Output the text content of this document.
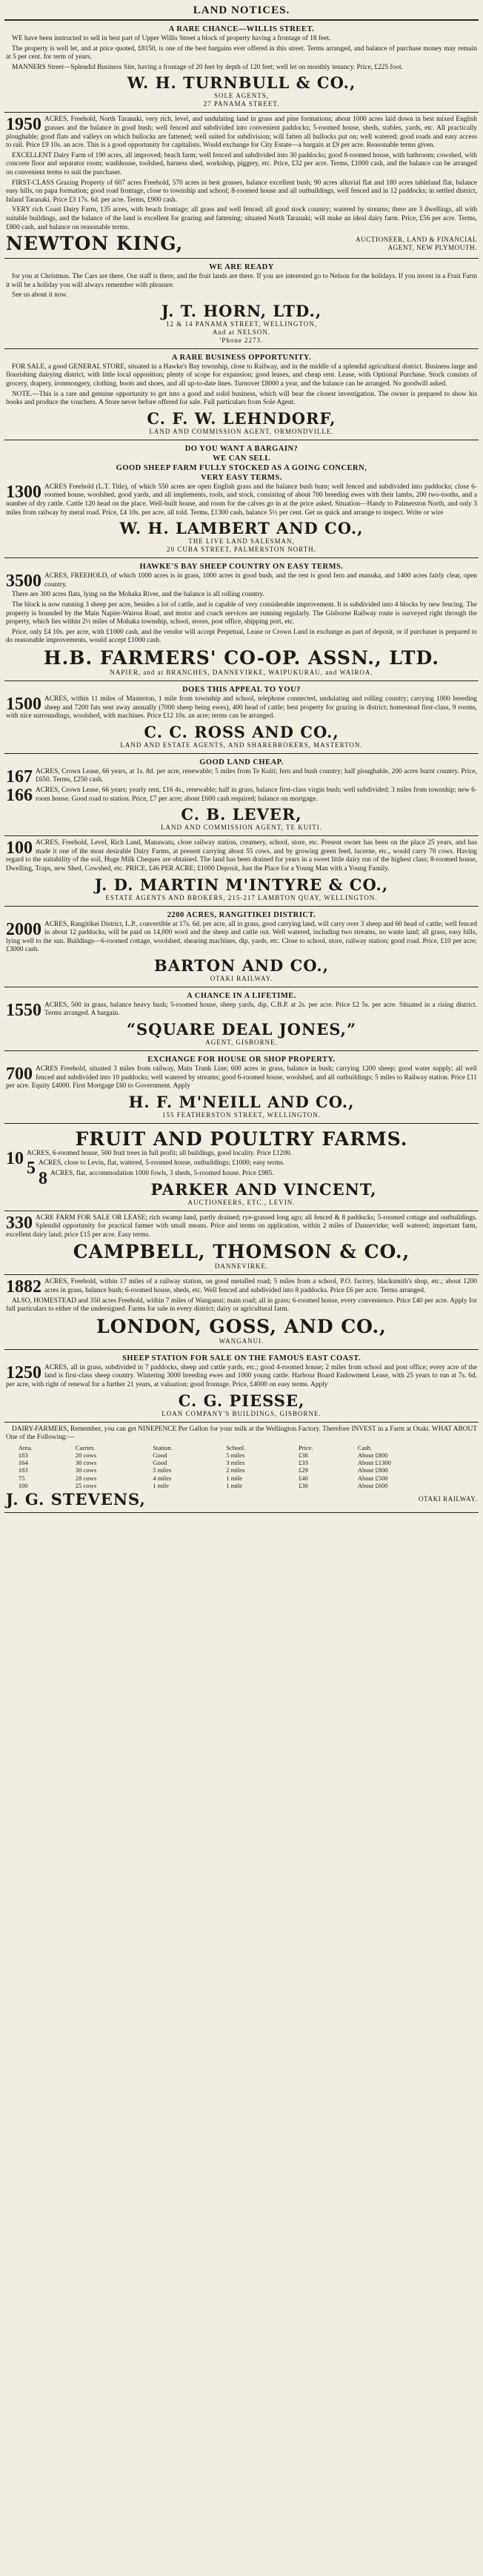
LAND NOTICES.
A RARE CHANCE—WILLIS STREET.
WE have been instructed to sell in best part of Upper Willis Street a block of property having a frontage of 18 feet.
The property is well let, and at price quoted, £8150, is one of the best bargains ever offered in this street. Terms arranged, and balance of purchase money may remain at 5 per cent. for term of years.
MANNERS Street—Splendid Business Site, having a frontage of 20 feet by depth of 120 feet; well let on monthly tenancy. Price, £225 foot.
W. H. TURNBULL & CO.,
SOLE AGENTS,
27 PANAMA STREET.
1950 ACRES, Freehold, North Taranaki, very rich, level, and undulating land in grass and pine formations; about 1000 acres laid down in best mixed English grasses and the balance in good bush; well fenced and subdivided into convenient paddocks; 5-roomed house, sheds, stables, yards, etc. All practically ploughable; good flats and valleys on which bullocks are fattened; well suited for subdivision; will fatten all bullocks put on; well watered; good roads and easy access to rail. Price £9 10s. an acre. This is a good opportunity for capitalists. Would exchange for City Estate—a bargain at £9 per acre. Reasonable terms given.
EXCELLENT Dairy Farm of 190 acres, all improved; beach farm; well fenced and subdivided into 30 paddocks; good 8-roomed house, with bathroom; cowshed, with concrete floor and separator room; washhouse, toolshed, harness shed, workshop, piggery, etc. Price, £32 per acre. Terms, £1000 cash, and the balance can be arranged on convenient terms to suit the purchaser.
FIRST-CLASS Grazing Property of 607 acres Freehold, 570 acres in best grasses, balance excellent bush; 90 acres alluvial flat and 180 acres tableland flat, balance easy hills, on papa formation; good road frontage, close to township and school; 8-roomed house and all outbuildings, well fenced and in 12 paddocks; in settled district, Inland Taranaki. Price £3 17s. 6d. per acre. Terms, £900 cash.
VERY rich Coast Dairy Farm, 135 acres, with beach frontage; all grass and well fenced; all good stock country; watered by streams; there are 3 dwellings, all with suitable buildings, and the balance of the land is excellent for grazing and fattening; situated North Taranaki; will make an ideal dairy farm. Price, £56 per acre. Terms, £800 cash, and balance on reasonable terms.
NEWTON KING,	AUCTIONEER, LAND & FINANCIAL
AGENT, NEW PLYMOUTH.
WE ARE READY
for you at Christmas. The Cars are there. Our staff is there, and the fruit lands are there. If you are interested go to Nelson for the holidays. If you invest in a Fruit Farm it will be a holiday you will always remember with pleasure.
See us about it now.
J. T. HORN, LTD.,
12 & 14 PANAMA STREET, WELLINGTON,
And at NELSON.
'Phone 2273.
A RARE BUSINESS OPPORTUNITY.
FOR SALE, a good GENERAL STORE, situated in a Hawke's Bay township, close to Railway, and in the middle of a splendid agricultural district. Business large and flourishing dairying district, with little local opposition; plenty of scope for expansion; good leases, and cheap rent. Lease, with Optional Purchase. Stock consists of grocery, drapery, ironmongery, clothing, boots and shoes, and all up-to-date lines. Turnover £8000 a year, and the balance can be arranged. No goodwill asked.
NOTE.—This is a rare and genuine opportunity to get into a good and solid business, which will bear the closest investigation. The owner is prepared to show his books and produce the vouchers. A Store never before offered for sale. Full particulars from Sole Agent.
C. F. W. LEHNDORF,
LAND AND COMMISSION AGENT, ORMONDVILLE.
DO YOU WANT A BARGAIN?
WE CAN SELL
GOOD SHEEP FARM FULLY STOCKED AS A GOING CONCERN,
VERY EASY TERMS.
1300 ACRES Freehold (L.T. Title), of which 550 acres are open English grass and the balance bush burn; well fenced and subdivided into paddocks; close 6-roomed house, woolshed, good yards, and all implements, tools, and stock, consisting of about 700 breeding ewes with their lambs, 200 two-tooths, and a number of dry cattle. Cattle 120 head on the place. Well-built house, and room for the calves go in at the price asked. Situation—Handy to Palmerston North, and only 3 miles from railway by metal road. Price, £4 10s. per acre, all told. Terms, £1300 cash, balance 5½ per cent. Get us quick and arrange to inspect. Write or wire
W. H. LAMBERT AND CO.,
THE LIVE LAND SALESMAN,
20 CUBA STREET, PALMERSTON NORTH.
HAWKE'S BAY SHEEP COUNTRY ON EASY TERMS.
3500 ACRES, FREEHOLD, of which 1000 acres is in grass, 1000 acres in good bush, and the rest is good fern and manuka, and 1400 acres fairly clear, open country.
There are 300 acres flats, lying on the Mohaka River, and the balance is all rolling country.
The block is now running 3 sheep per acre, besides a lot of cattle, and is capable of very considerable improvement. It is subdivided into 4 blocks by new fencing. The property is bounded by the Main Napier-Wairoa Road, and motor and coach services are running regularly. The Gisborne Railway route is surveyed right through the property, which lies within 2½ miles of Mohaka township, school, stores, post office, shipping port, etc.
Price, only £4 10s. per acre, with £1000 cash, and the vendor will accept Perpetual, Lease or Crown Land in exchange as part of deposit, or if purchaser is prepared to do reasonable improvements, would accept £1000 cash.
H.B. FARMERS' CO-OP. ASSN., LTD.
NAPIER, and at BRANCHES, DANNEVIRKE, WAIPUKURAU, and WAIROA.
DOES THIS APPEAL TO YOU?
1500 ACRES, within 11 miles of Masterton, 1 mile from township and school, telephone connected, undulating and rolling country; carrying 1000 breeding sheep and 7200 fats sent away annually (7000 sheep being ewes), 400 head of cattle; best property for grazing in district; homestead first-class, 9 rooms, with nice surroundings, woolshed, with machines. Price £12 10s. an acre; terms can be arranged.
C. C. ROSS AND CO.,
LAND AND ESTATE AGENTS, AND SHAREBROKERS, MASTERTON.
GOOD LAND CHEAP.
167 ACRES, Crown Lease, 66 years, at 1s. 8d. per acre, renewable; 5 miles from Te Kuiti; fern and bush country; half ploughable, 200 acres burnt country. Price, £650. Terms, £250 cash.
166 ACRES, Crown Lease, 66 years; yearly rent, £16 4s., renewable; half in grass, balance first-class virgin bush; well subdivided; 3 miles from township; new 6-room house. Good road to station. Price, £7 per acre; about £600 cash required; balance on mortgage.
C. B. LEVER,
LAND AND COMMISSION AGENT, TE KUITI.
100 ACRES, Freehold, Level, Rich Land, Manawatu, close railway station, creamery, school, store, etc. Present owner has been on the place 25 years, and has made it one of the most desirable Dairy Farms, at present carrying about 55 cows, and by growing green feed, lucerne, etc., would carry 70 cows. Having regard to the suitability of the soil, Huge Milk Cheques are obtained. The land has been drained for years in a sweet little dairy run of the highest class; 8-roomed house, Dwelling, Traps, new Shed, Cowshed, etc. PRICE, £46 PER ACRE; £1000 Deposit, Just the Place for a Young Man with a Young Family.
J. D. MARTIN M'INTYRE & CO.,
ESTATE AGENTS AND BROKERS, 215-217 LAMBTON QUAY, WELLINGTON.
2200 ACRES, RANGITIKEI DISTRICT.
2000 ACRES, Rangitikei District, L.P., convertible at 17s. 6d. per acre, all in grass, good carrying land, will carry over 3 sheep and 60 head of cattle; well fenced in about 12 paddocks, will be paid on 14,000 wool and the sheep and cattle out. Well watered, including two streams, no waste land; all grass, easy hills, lying well to the sun. Buildings—6-roomed cottage, woolshed, shearing machines, dip, yards, etc. Close to school, store, railway station; good road. Price, £10 per acre; £3000 cash.
BARTON AND CO.,
OTAKI RAILWAY.
A CHANCE IN A LIFETIME.
1550 ACRES, 500 in grass, balance heavy bush; 5-roomed house, sheep yards, dip, C.B.P. at 2s. per acre. Price £2 5s. per acre. Situated in a rising district. Terms arranged. A bargain.
“SQUARE DEAL JONES,”
AGENT, GISBORNE.
EXCHANGE FOR HOUSE OR SHOP PROPERTY.
700 ACRES Freehold, situated 3 miles from railway, Main Trunk Line; 600 acres in grass, balance in bush; carrying 1200 sheep; good water supply; all well fenced and subdivided into 10 paddocks; well watered by streams; good 6-roomed house, woolshed, and all outbuildings; 5 miles to Railway station. Price £11 per acre. Equity £4000. First Mortgage £60 to Government. Apply
H. F. M'NEILL AND CO.,
155 FEATHERSTON STREET, WELLINGTON.
FRUIT AND POULTRY FARMS.
10 ACRES, 6-roomed house, 500 fruit trees in full profit; all buildings, good locality. Price £1200.
5 ACRES, close to Levin, flat, watered, 5-roomed house, outbuildings; £1000; easy terms.
8 ACRES, flat, accommodation 1000 fowls, 3 sheds, 5-roomed house. Price £985.
PARKER AND VINCENT,
AUCTIONEERS, ETC., LEVIN.
330 ACRE FARM FOR SALE OR LEASE; rich swamp land, partly drained; rye-grassed long ago; all fenced & 8 paddocks; 5-roomed cottage and outbuildings. Splendid opportunity for practical farmer with small means. Price and terms on application, within 2 miles of Dannevirke; well watered; important farm, excellent dairy land; price £15 per acre. Easy terms.
CAMPBELL, THOMSON & CO.,
DANNEVIRKE.
1882 ACRES, Freehold, within 17 miles of a railway station, on good metalled road; 5 miles from a school, P.O. factory, blacksmith's shop, etc.; about 1200 acres in grass, balance bush; 6-roomed house, sheds, etc. Well fenced and subdivided into 8 paddocks. Price £6 per acre. Terms arranged.
ALSO, HOMESTEAD and 350 acres Freehold, within 7 miles of Wanganui; main road; all in grass; 6-roomed house, every convenience. Price £40 per acre. Apply for full particulars to either of the undersigned. Farms for sale in every district; dairy or agricultural farm.
LONDON, GOSS, AND CO.,
WANGANUI.
SHEEP STATION FOR SALE ON THE FAMOUS EAST COAST.
1250 ACRES, all in grass, subdivided in 7 paddocks, sheep and cattle yards, etc.; good 4-roomed house; 2 miles from school and post office; every acre of the land is first-class sheep country. Wintering 3000 breeding ewes and 1000 young cattle. Harbour Board Endowment Lease, with 25 years to run at 7s. 6d. per acre, with right of renewal for a further 21 years, at valuation; good frontage. Price, £4000 on easy terms. Apply
C. G. PIESSE,
LOAN COMPANY'S BUILDINGS, GISBORNE.
DAIRY-FARMERS, Remember, you can get NINEPENCE Per Gallon for your milk at the Wellington Factory. Therefore INVEST in a Farm at Otaki. WHAT ABOUT One of the Following:—
Area.	Carries.	Station.	School.	Price.	Cash.
183	20 cows	Good	5 miles	£38	About £800
164	30 cows	Good	3 miles	£33	About £1300
183	30 cows	5 miles	2 miles	£29	About £800
75	28 cows	4 miles	1 mile	£40	About £500
100	25 cows	1 mile	1 mile	£30	About £600
J. G. STEVENS,	OTAKI RAILWAY.
